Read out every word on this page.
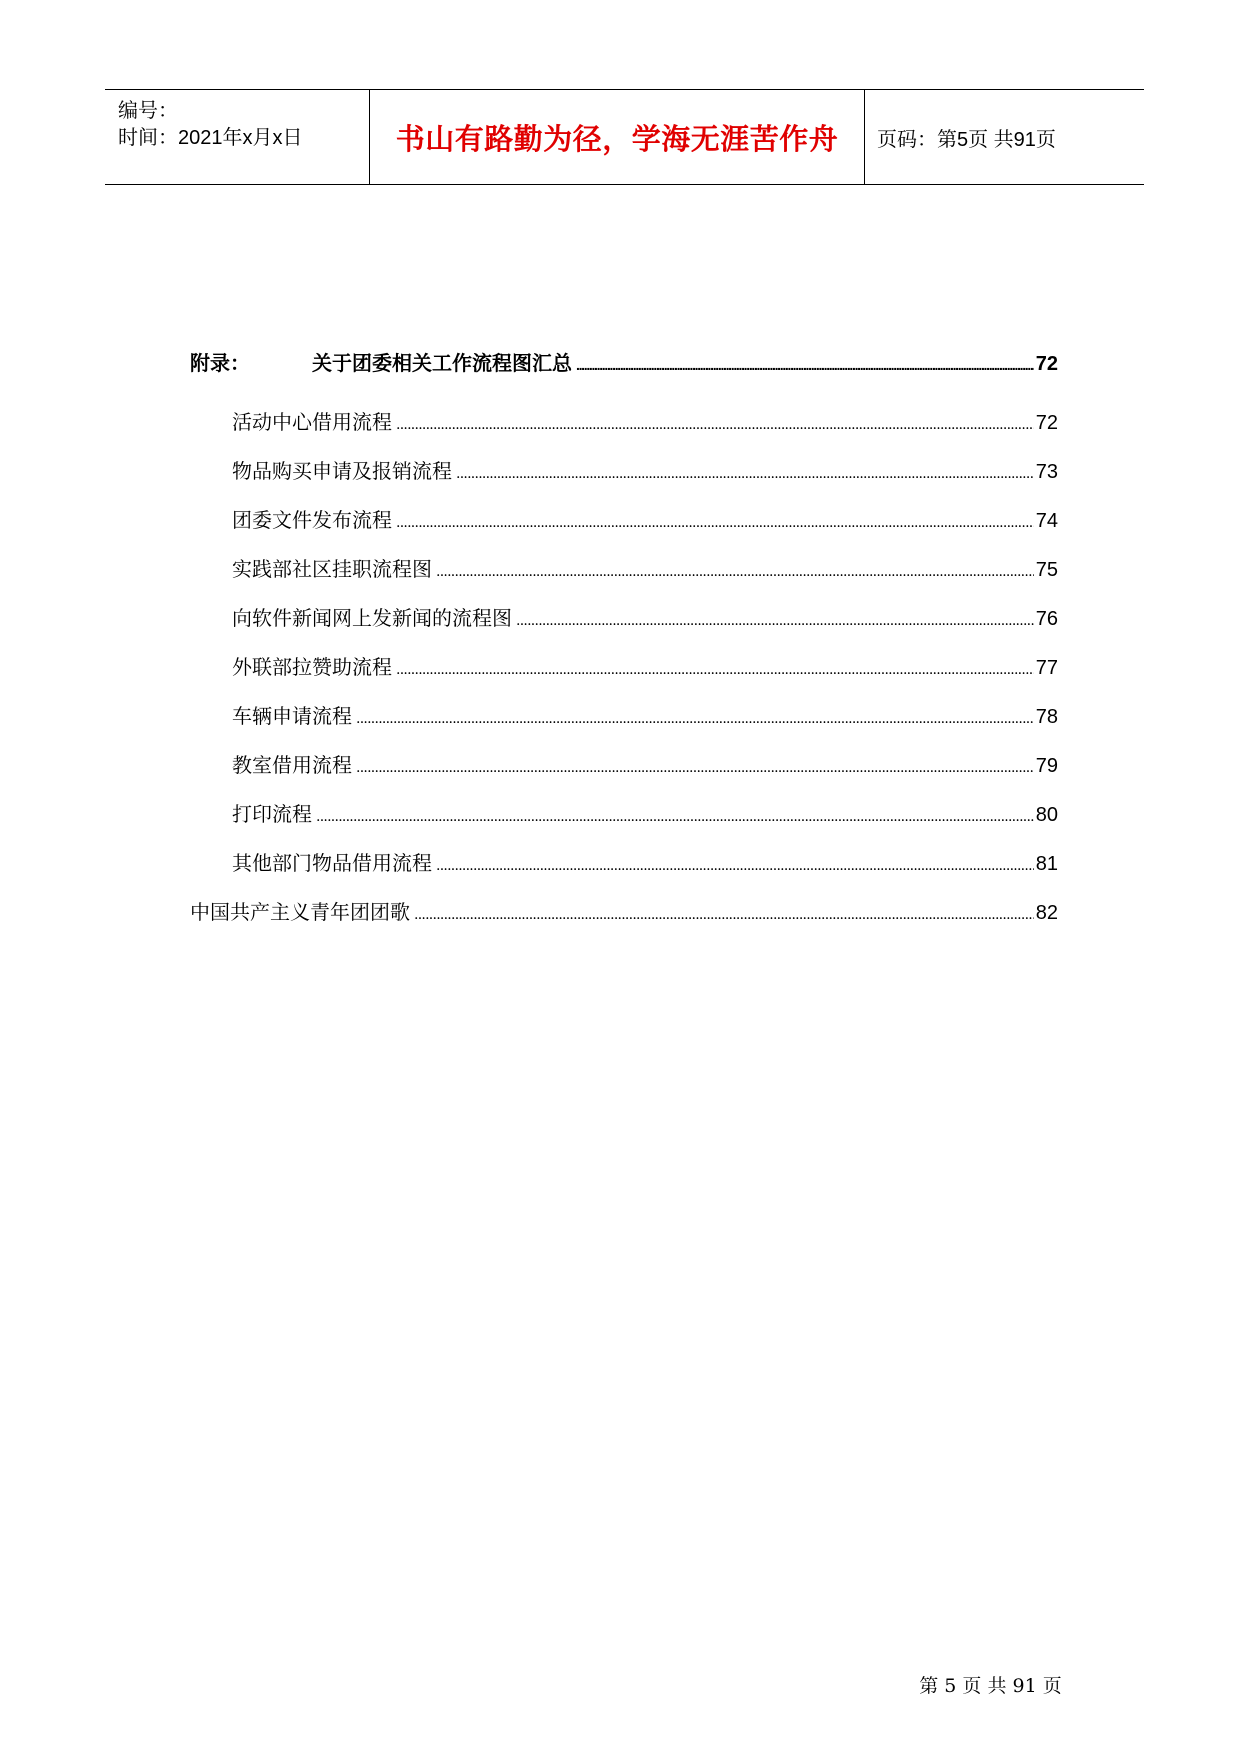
编号：
时间：2021年x月x日	书山有路勤为径，学海无涯苦作舟 页码：第5页 共91页
附录：	关于团委相关工作流程图汇总 . . .	72
活动中心借用流程 . . .	72
物品购买申请及报销流程 . . .	73
团委文件发布流程 . . .	74
实践部社区挂职流程图 . . .	75
向软件新闻网上发新闻的流程图 . . .	76
外联部拉赞助流程 . . .	77
车辆申请流程 . . .	78
教室借用流程 . . .	79
打印流程 . . .	80
其他部门物品借用流程 . . .	81
中国共产主义青年团团歌 . . .	82
第 5 页 共 91 页
